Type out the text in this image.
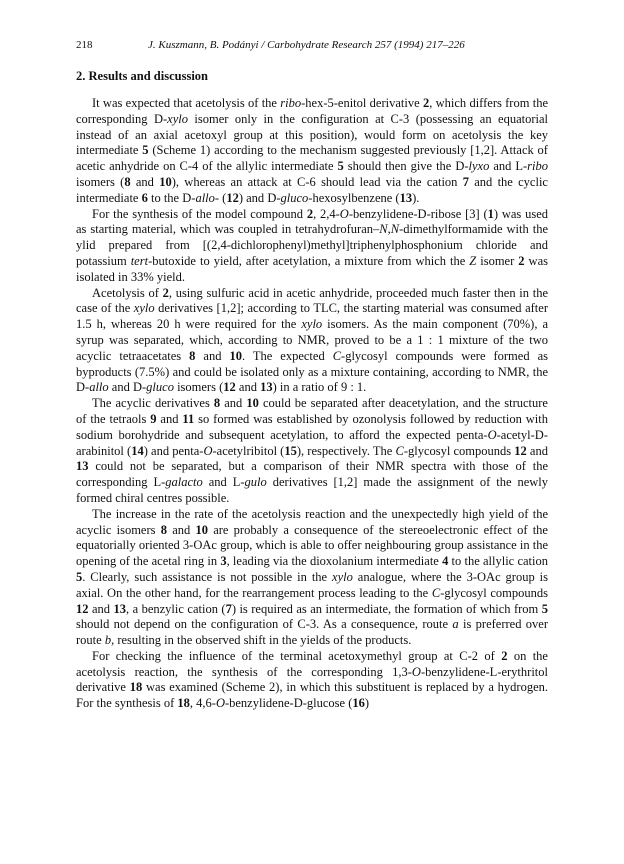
218	J. Kuszmann, B. Podányi / Carbohydrate Research 257 (1994) 217–226
2. Results and discussion

It was expected that acetolysis of the ribo-hex-5-enitol derivative 2, which differs from the corresponding D-xylo isomer only in the configuration at C-3 (possessing an equatorial instead of an axial acetoxyl group at this position), would form on acetolysis the key intermediate 5 (Scheme 1) according to the mechanism suggested previously [1,2]. Attack of acetic anhydride on C-4 of the allylic intermediate 5 should then give the D-lyxo and L-ribo isomers (8 and 10), whereas an attack at C-6 should lead via the cation 7 and the cyclic intermediate 6 to the D-allo- (12) and D-gluco-hexosylbenzene (13).

For the synthesis of the model compound 2, 2,4-O-benzylidene-D-ribose [3] (1) was used as starting material, which was coupled in tetrahydrofuran–N,N-dimethylformamide with the ylid prepared from [(2,4-dichlorophenyl)methyl]triphenylphosphonium chloride and potassium tert-butoxide to yield, after acetylation, a mixture from which the Z isomer 2 was isolated in 33% yield.

Acetolysis of 2, using sulfuric acid in acetic anhydride, proceeded much faster then in the case of the xylo derivatives [1,2]; according to TLC, the starting material was consumed after 1.5 h, whereas 20 h were required for the xylo isomers. As the main component (70%), a syrup was separated, which, according to NMR, proved to be a 1 : 1 mixture of the two acyclic tetraacetates 8 and 10. The expected C-glycosyl compounds were formed as byproducts (7.5%) and could be isolated only as a mixture containing, according to NMR, the D-allo and D-gluco isomers (12 and 13) in a ratio of 9 : 1.

The acyclic derivatives 8 and 10 could be separated after deacetylation, and the structure of the tetraols 9 and 11 so formed was established by ozonolysis followed by reduction with sodium borohydride and subsequent acetylation, to afford the expected penta-O-acetyl-D-arabinitol (14) and penta-O-acetylribitol (15), respectively. The C-glycosyl compounds 12 and 13 could not be separated, but a comparison of their NMR spectra with those of the corresponding L-galacto and L-gulo derivatives [1,2] made the assignment of the newly formed chiral centres possible.

The increase in the rate of the acetolysis reaction and the unexpectedly high yield of the acyclic isomers 8 and 10 are probably a consequence of the stereoelectronic effect of the equatorially oriented 3-OAc group, which is able to offer neighbouring group assistance in the opening of the acetal ring in 3, leading via the dioxolanium intermediate 4 to the allylic cation 5. Clearly, such assistance is not possible in the xylo analogue, where the 3-OAc group is axial. On the other hand, for the rearrangement process leading to the C-glycosyl compounds 12 and 13, a benzylic cation (7) is required as an intermediate, the formation of which from 5 should not depend on the configuration of C-3. As a consequence, route a is preferred over route b, resulting in the observed shift in the yields of the products.

For checking the influence of the terminal acetoxymethyl group at C-2 of 2 on the acetolysis reaction, the synthesis of the corresponding 1,3-O-benzylidene-L-erythritol derivative 18 was examined (Scheme 2), in which this substituent is replaced by a hydrogen. For the synthesis of 18, 4,6-O-benzylidene-D-glucose (16)
